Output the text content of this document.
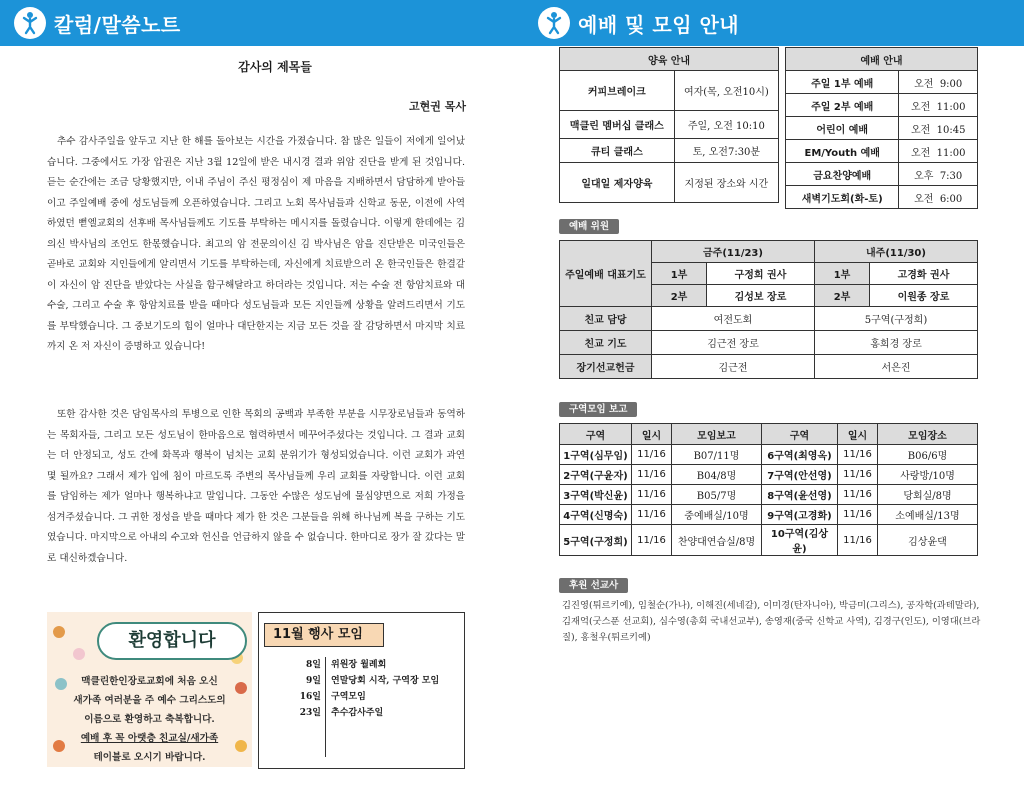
칼럼/말씀노트	예배 및 모임 안내
감사의 제목들
고현권 목사

추수 감사주일을 앞두고 지난 한 해를 돌아보는 시간을 가졌습니다. 참 많은 일들이 저에게 일어났습니다. 그중에서도 가장 압권은 지난 3월 12일에 받은 내시경 결과 위암 진단을 받게 된 것입니다. 듣는 순간에는 조금 당황했지만, 이내 주님이 주신 평정심이 제 마음을 지배하면서 담담하게 받아들이고 주일예배 중에 성도님들께 오픈하였습니다. 그리고 노회 목사님들과 신학교 동문, 이전에 사역하였던 뻗엘교회의 선후배 목사님들께도 기도를 부탁하는 메시지를 돌렸습니다. 이렇게 한데에는 김의신 박사님의 조언도 한몫했습니다. 최고의 암 전문의이신 김 박사님은 암을 진단받은 미국인들은 곧바로 교회와 지인들에게 알리면서 기도를 부탁하는데, 자신에게 치료받으러 온 한국인들은 한결같이 자신이 암 진단을 받았다는 사실을 함구해달라고 하더라는 것입니다. 저는 수술 전 항암치료와 대수술, 그리고 수술 후 항암치료를 받을 때마다 성도님들과 모든 지인들께 상황을 알려드리면서 기도를 부탁했습니다. 그 중보기도의 힘이 얼마나 대단한지는 지금 모든 것을 잘 감당하면서 마지막 치료까지 온 저 자신이 증명하고 있습니다!

또한 감사한 것은 담임목사의 투병으로 인한 목회의 공백과 부족한 부분을 시무장로님들과 동역하는 목회자들, 그리고 모든 성도님이 한마음으로 협력하면서 메꾸어주셨다는 것입니다. 그 결과 교회는 더 안정되고, 성도 간에 화목과 행복이 넘치는 교회 분위기가 형성되었습니다. 이런 교회가 과연 몇 될까요? 그래서 제가 입에 침이 마르도록 주변의 목사님들께 우리 교회를 자랑합니다. 이런 교회를 담임하는 제가 얼마나 행복하냐고 말입니다. 그동안 수많은 성도님에 물심양면으로 저희 가정을 섬겨주셨습니다. 그 귀한 정성을 받을 때마다 제가 한 것은 그분들을 위해 하나님께 복을 구하는 기도였습니다. 마지막으로 아내의 수고와 헌신을 언급하지 않을 수 없습니다. 한마디로 장가 잘 갔다는 말로 대신하겠습니다.

환영합니다
맥클린한인장로교회에 처음 오신
새가족 여러분을 주 예수 그리스도의
이름으로 환영하고 축복합니다.
예배 후 꼭 아랫층 친교실/새가족
테이블로 오시기 바랍니다.
11월 행사 모임
8일 위원장 월례회
9일 연말당회 시작, 구역장 모임
16일 구역모임
23일 추수감사주일
양육 안내	
커피브레이크	여자(목, 오전10시)
맥클린 멤버십 클래스	주일, 오전 10:10
큐티 클래스	토, 오전7:30분
일대일 제자양육	지정된 장소와 시간
예배 안내	
주일 1부 예배	오전 9:00
주일 2부 예배	오전 11:00
어린이 예배	오전 10:45
EM/Youth 예배	오전 11:00
금요찬양예배	오후 7:30
새벽기도회(화-토)	오전 6:00
예배 위원
주일예배 대표기도	금주(11/23)		내주(11/30)	
	1부	구정희 권사	1부	고경화 권사
	2부	김성보 장로	2부	이원종 장로
친교 담당	여전도회		5구역(구정희)	
친교 기도	김근전 장로		홍희경 장로	
장기선교헌금	김근전		서은진	
구역모임 보고
구역	일시	모임보고	구역	일시	모임장소
1구역(심무임)	11/16	B07/11명	6구역(최영옥)	11/16	B06/6명
2구역(구윤자)	11/16	B04/8명	7구역(안선영)	11/16	사랑방/10명
3구역(박신윤)	11/16	B05/7명	8구역(윤선영)	11/16	당회실/8명
4구역(신명숙)	11/16	중예배실/10명	9구역(고경화)	11/16	소예배실/13명
5구역(구정희)	11/16	찬양대연습실/8명	10구역(김상윤)	11/16	김상윤댁
후원 선교사

김진영(튀르키예), 임철순(가나), 이해진(세네갈), 이미경(탄자니아), 박금미(그리스), 공자학(과테말라), 김재억(굿스푼 선교회), 심수영(총회 국내선교부), 송영재(중국 신학교 사역), 김경구(인도), 이영대(브라질), 홍철우(튀르키예)
